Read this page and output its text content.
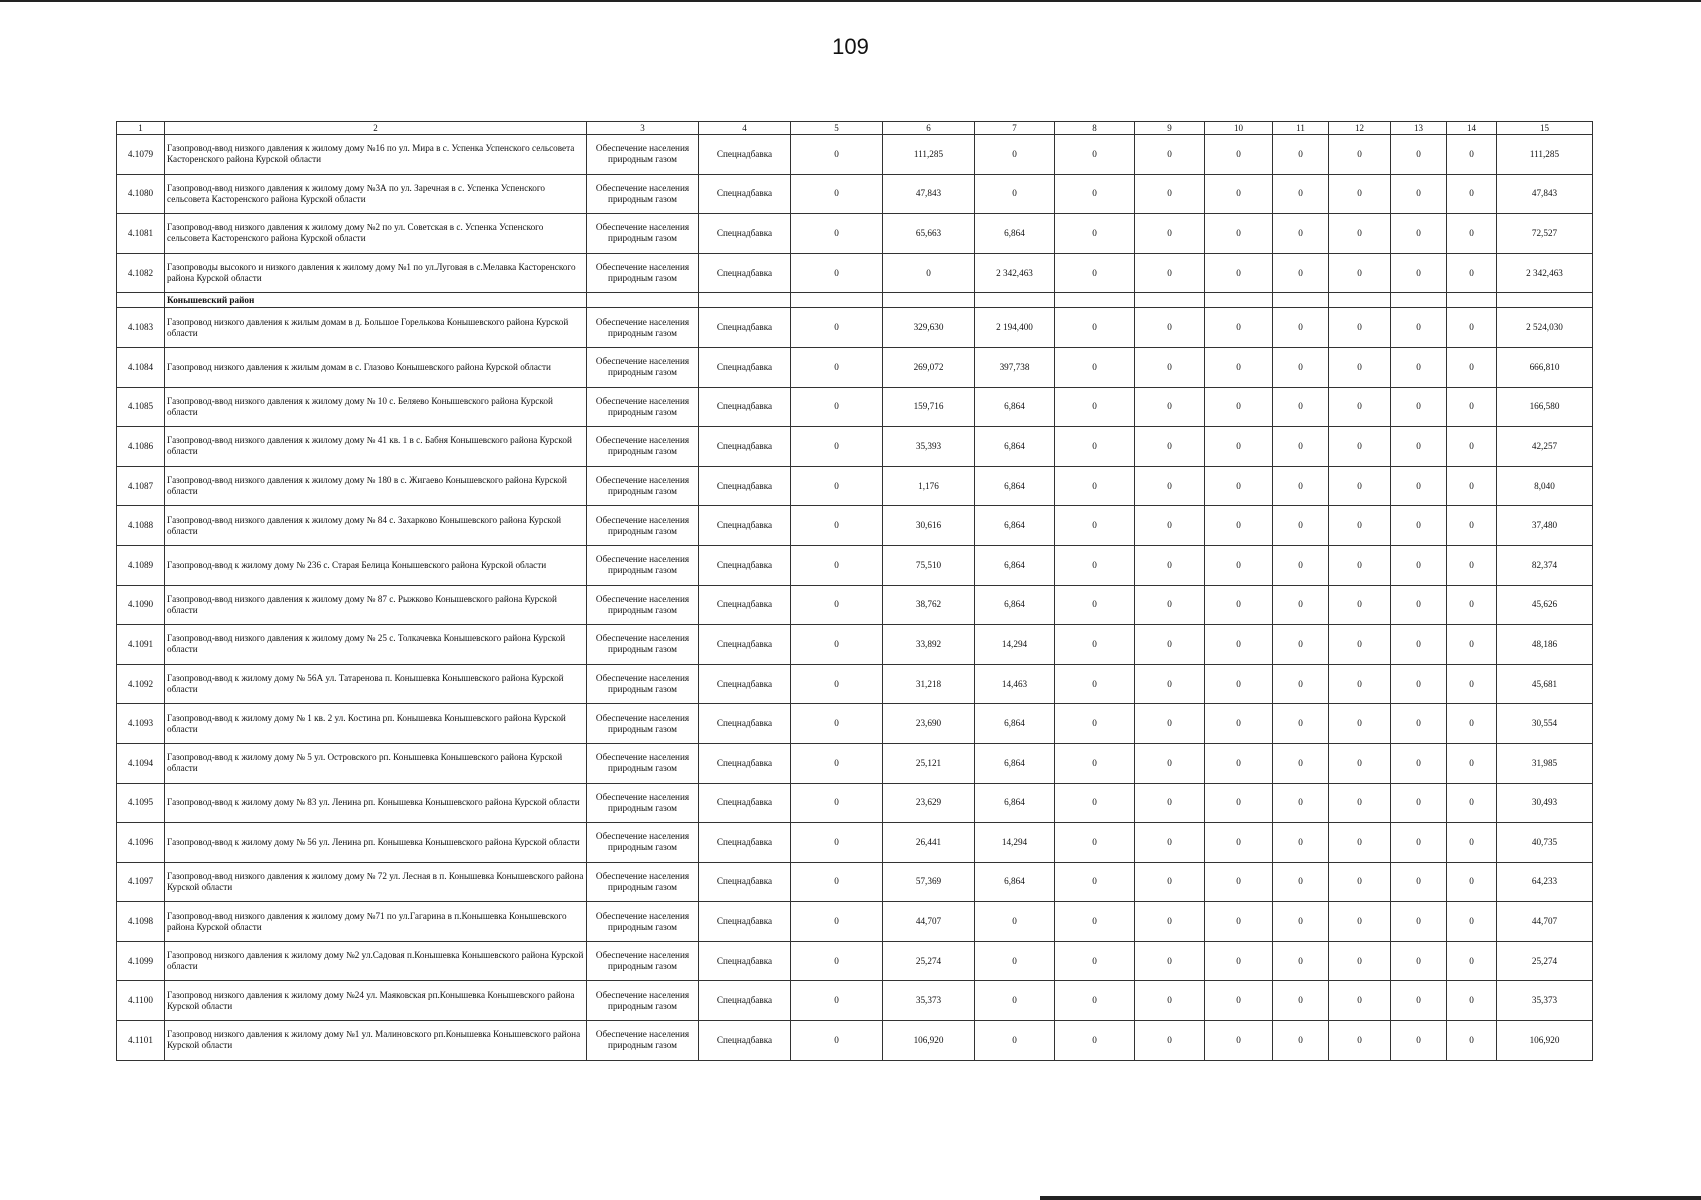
109
1	2	3	4	5	6	7	8	9	10	11	12	13	14	15
4.1079	Газопровод-ввод низкого давления к жилому дому №16 по ул. Мира в с. Успенка Успенского сельсовета Касторенского района Курской области	Обеспечение населения природным газом	Спецнадбавка	0	111,285	0	0	0	0	0	0	0	0	111,285
4.1080	Газопровод-ввод низкого давления к жилому дому №3А по ул. Заречная в с. Успенка Успенского сельсовета Касторенского района Курской области	Обеспечение населения природным газом	Спецнадбавка	0	47,843	0	0	0	0	0	0	0	0	47,843
4.1081	Газопровод-ввод низкого давления к жилому дому №2 по ул. Советская в с. Успенка Успенского сельсовета Касторенского района Курской области	Обеспечение населения природным газом	Спецнадбавка	0	65,663	6,864	0	0	0	0	0	0	0	72,527
4.1082	Газопроводы высокого и низкого давления к жилому дому №1 по ул.Луговая в с.Мелавка Касторенского района Курской области	Обеспечение населения природным газом	Спецнадбавка	0	0	2 342,463	0	0	0	0	0	0	0	2 342,463
	Конышевский район													
4.1083	Газопровод низкого давления к жилым домам в д. Большое Горелькова Конышевского района Курской области	Обеспечение населения природным газом	Спецнадбавка	0	329,630	2 194,400	0	0	0	0	0	0	0	2 524,030
4.1084	Газопровод низкого давления к жилым домам в с. Глазово Конышевского района Курской области	Обеспечение населения природным газом	Спецнадбавка	0	269,072	397,738	0	0	0	0	0	0	0	666,810
4.1085	Газопровод-ввод низкого давления к жилому дому № 10 с. Беляево Конышевского района Курской области	Обеспечение населения природным газом	Спецнадбавка	0	159,716	6,864	0	0	0	0	0	0	0	166,580
4.1086	Газопровод-ввод низкого давления к жилому дому № 41 кв. 1 в с. Бабня Конышевского района Курской области	Обеспечение населения природным газом	Спецнадбавка	0	35,393	6,864	0	0	0	0	0	0	0	42,257
4.1087	Газопровод-ввод низкого давления к жилому дому № 180 в с. Жигаево Конышевского района Курской области	Обеспечение населения природным газом	Спецнадбавка	0	1,176	6,864	0	0	0	0	0	0	0	8,040
4.1088	Газопровод-ввод низкого давления к жилому дому № 84 с. Захарково Конышевского района Курской области	Обеспечение населения природным газом	Спецнадбавка	0	30,616	6,864	0	0	0	0	0	0	0	37,480
4.1089	Газопровод-ввод к жилому дому № 236 с. Старая Белица Конышевского района Курской области	Обеспечение населения природным газом	Спецнадбавка	0	75,510	6,864	0	0	0	0	0	0	0	82,374
4.1090	Газопровод-ввод низкого давления к жилому дому № 87 с. Рыжково Конышевского района Курской области	Обеспечение населения природным газом	Спецнадбавка	0	38,762	6,864	0	0	0	0	0	0	0	45,626
4.1091	Газопровод-ввод низкого давления к жилому дому № 25 с. Толкачевка Конышевского района Курской области	Обеспечение населения природным газом	Спецнадбавка	0	33,892	14,294	0	0	0	0	0	0	0	48,186
4.1092	Газопровод-ввод к жилому дому № 56А ул. Татаренова п. Конышевка Конышевского района Курской области	Обеспечение населения природным газом	Спецнадбавка	0	31,218	14,463	0	0	0	0	0	0	0	45,681
4.1093	Газопровод-ввод к жилому дому № 1 кв. 2 ул. Костина рп. Конышевка Конышевского района Курской области	Обеспечение населения природным газом	Спецнадбавка	0	23,690	6,864	0	0	0	0	0	0	0	30,554
4.1094	Газопровод-ввод к жилому дому № 5 ул. Островского рп. Конышевка Конышевского района Курской области	Обеспечение населения природным газом	Спецнадбавка	0	25,121	6,864	0	0	0	0	0	0	0	31,985
4.1095	Газопровод-ввод к жилому дому № 83 ул. Ленина рп. Конышевка Конышевского района Курской области	Обеспечение населения природным газом	Спецнадбавка	0	23,629	6,864	0	0	0	0	0	0	0	30,493
4.1096	Газопровод-ввод к жилому дому № 56 ул. Ленина рп. Конышевка Конышевского района Курской области	Обеспечение населения природным газом	Спецнадбавка	0	26,441	14,294	0	0	0	0	0	0	0	40,735
4.1097	Газопровод-ввод низкого давления к жилому дому № 72 ул. Лесная в п. Конышевка Конышевского района Курской области	Обеспечение населения природным газом	Спецнадбавка	0	57,369	6,864	0	0	0	0	0	0	0	64,233
4.1098	Газопровод-ввод низкого давления к жилому дому №71 по ул.Гагарина в п.Конышевка Конышевского района Курской области	Обеспечение населения природным газом	Спецнадбавка	0	44,707	0	0	0	0	0	0	0	0	44,707
4.1099	Газопровод низкого давления к жилому дому №2 ул.Садовая п.Конышевка Конышевского района Курской области	Обеспечение населения природным газом	Спецнадбавка	0	25,274	0	0	0	0	0	0	0	0	25,274
4.1100	Газопровод низкого давления к жилому дому №24 ул. Маяковская рп.Конышевка Конышевского района Курской области	Обеспечение населения природным газом	Спецнадбавка	0	35,373	0	0	0	0	0	0	0	0	35,373
4.1101	Газопровод низкого давления к жилому дому №1 ул. Малиновского рп.Конышевка Конышевского района Курской области	Обеспечение населения природным газом	Спецнадбавка	0	106,920	0	0	0	0	0	0	0	0	106,920
